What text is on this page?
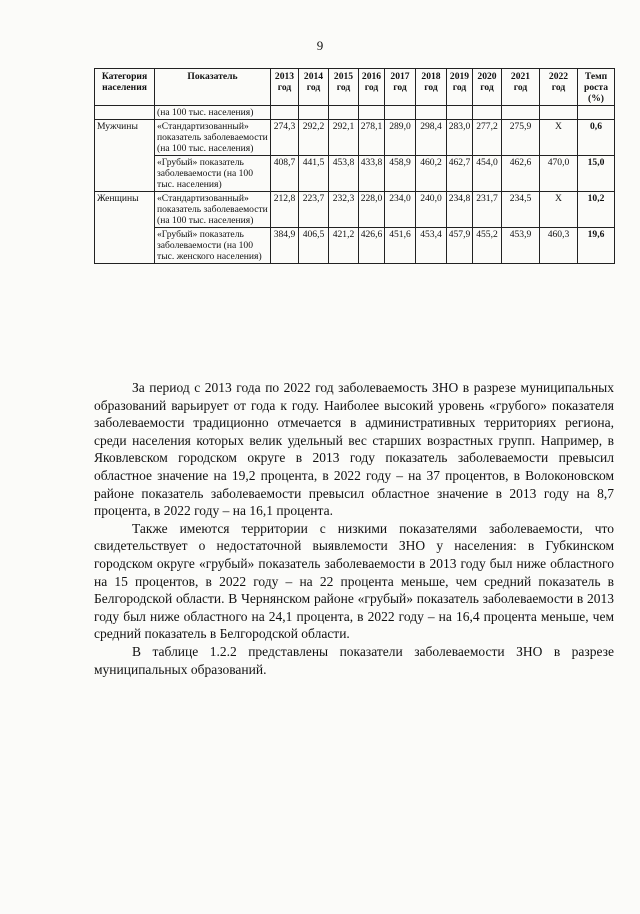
9
Категория населения	Показатель	2013 год	2014 год	2015 год	2016 год	2017 год	2018 год	2019 год	2020 год	2021 год	2022 год	Темп роста (%)
	(на 100 тыс. населения)											
Мужчины	«Стандартизованный» показатель заболеваемости (на 100 тыс. населения)	274,3	292,2	292,1	278,1	289,0	298,4	283,0	277,2	275,9	Х	0,6
	«Грубый» показатель заболеваемости (на 100 тыс. населения)	408,7	441,5	453,8	433,8	458,9	460,2	462,7	454,0	462,6	470,0	15,0
Женщины	«Стандартизованный» показатель заболеваемости (на 100 тыс. населения)	212,8	223,7	232,3	228,0	234,0	240,0	234,8	231,7	234,5	Х	10,2
	«Грубый» показатель заболеваемости (на 100 тыс. женского населения)	384,9	406,5	421,2	426,6	451,6	453,4	457,9	455,2	453,9	460,3	19,6

За период с 2013 года по 2022 год заболеваемость ЗНО в разрезе муниципальных образований варьирует от года к году. Наиболее высокий уровень «грубого» показателя заболеваемости традиционно отмечается в административных территориях региона, среди населения которых велик удельный вес старших возрастных групп. Например, в Яковлевском городском округе в 2013 году показатель заболеваемости превысил областное значение на 19,2 процента, в 2022 году – на 37 процентов, в Волоконовском районе показатель заболеваемости превысил областное значение в 2013 году на 8,7 процента, в 2022 году – на 16,1 процента.

Также имеются территории с низкими показателями заболеваемости, что свидетельствует о недостаточной выявлемости ЗНО у населения: в Губкинском городском округе «грубый» показатель заболеваемости в 2013 году был ниже областного на 15 процентов, в 2022 году – на 22 процента меньше, чем средний показатель в Белгородской области. В Чернянском районе «грубый» показатель заболеваемости в 2013 году был ниже областного на 24,1 процента, в 2022 году – на 16,4 процента меньше, чем средний показатель в Белгородской области.

В таблице 1.2.2 представлены показатели заболеваемости ЗНО в разрезе муниципальных образований.
